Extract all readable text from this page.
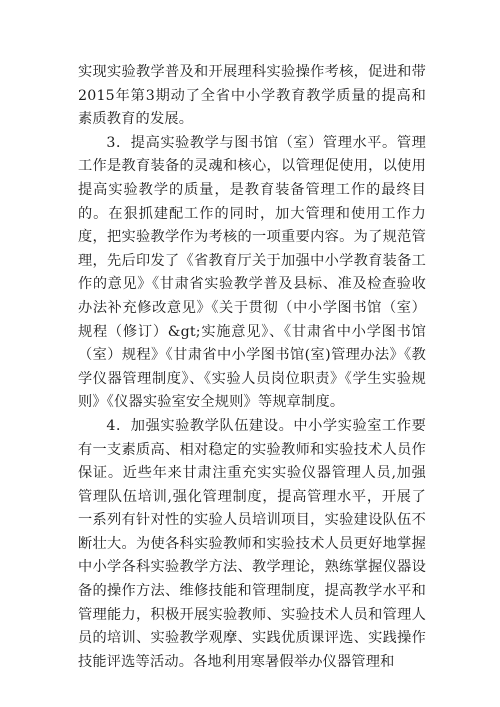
实现实验教学普及和开展理科实验操作考核，促进和带2015年第3期动了全省中小学教育教学质量的提高和素质教育的发展。

3．提高实验教学与图书馆（室）管理水平。管理工作是教育装备的灵魂和核心，以管理促使用，以使用提高实验教学的质量，是教育装备管理工作的最终目的。在狠抓建配工作的同时，加大管理和使用工作力度，把实验教学作为考核的一项重要内容。为了规范管理，先后印发了《省教育厅关于加强中小学教育装备工作的意见》《甘肃省实验教学普及县标、准及检查验收办法补充修改意见》《关于贯彻（中小学图书馆（室）规程（修订）&gt;实施意见》、《甘肃省中小学图书馆（室）规程》《甘肃省中小学图书馆(室)管理办法》《教学仪器管理制度》、《实验人员岗位职责》《学生实验规则》《仪器实验室安全规则》等规章制度。

4．加强实验教学队伍建设。中小学实验室工作要有一支素质高、相对稳定的实验教师和实验技术人员作保证。近些年来甘肃注重充实实验仪器管理人员,加强管理队伍培训,强化管理制度，提高管理水平，开展了一系列有针对性的实验人员培训项目，实验建设队伍不断壮大。为使各科实验教师和实验技术人员更好地掌握中小学各科实验教学方法、教学理论，熟练掌握仪器设备的操作方法、维修技能和管理制度，提高教学水平和管理能力，积极开展实验教师、实验技术人员和管理人员的培训、实验教学观摩、实践优质课评选、实践操作技能评选等活动。各地利用寒暑假举办仪器管理和
